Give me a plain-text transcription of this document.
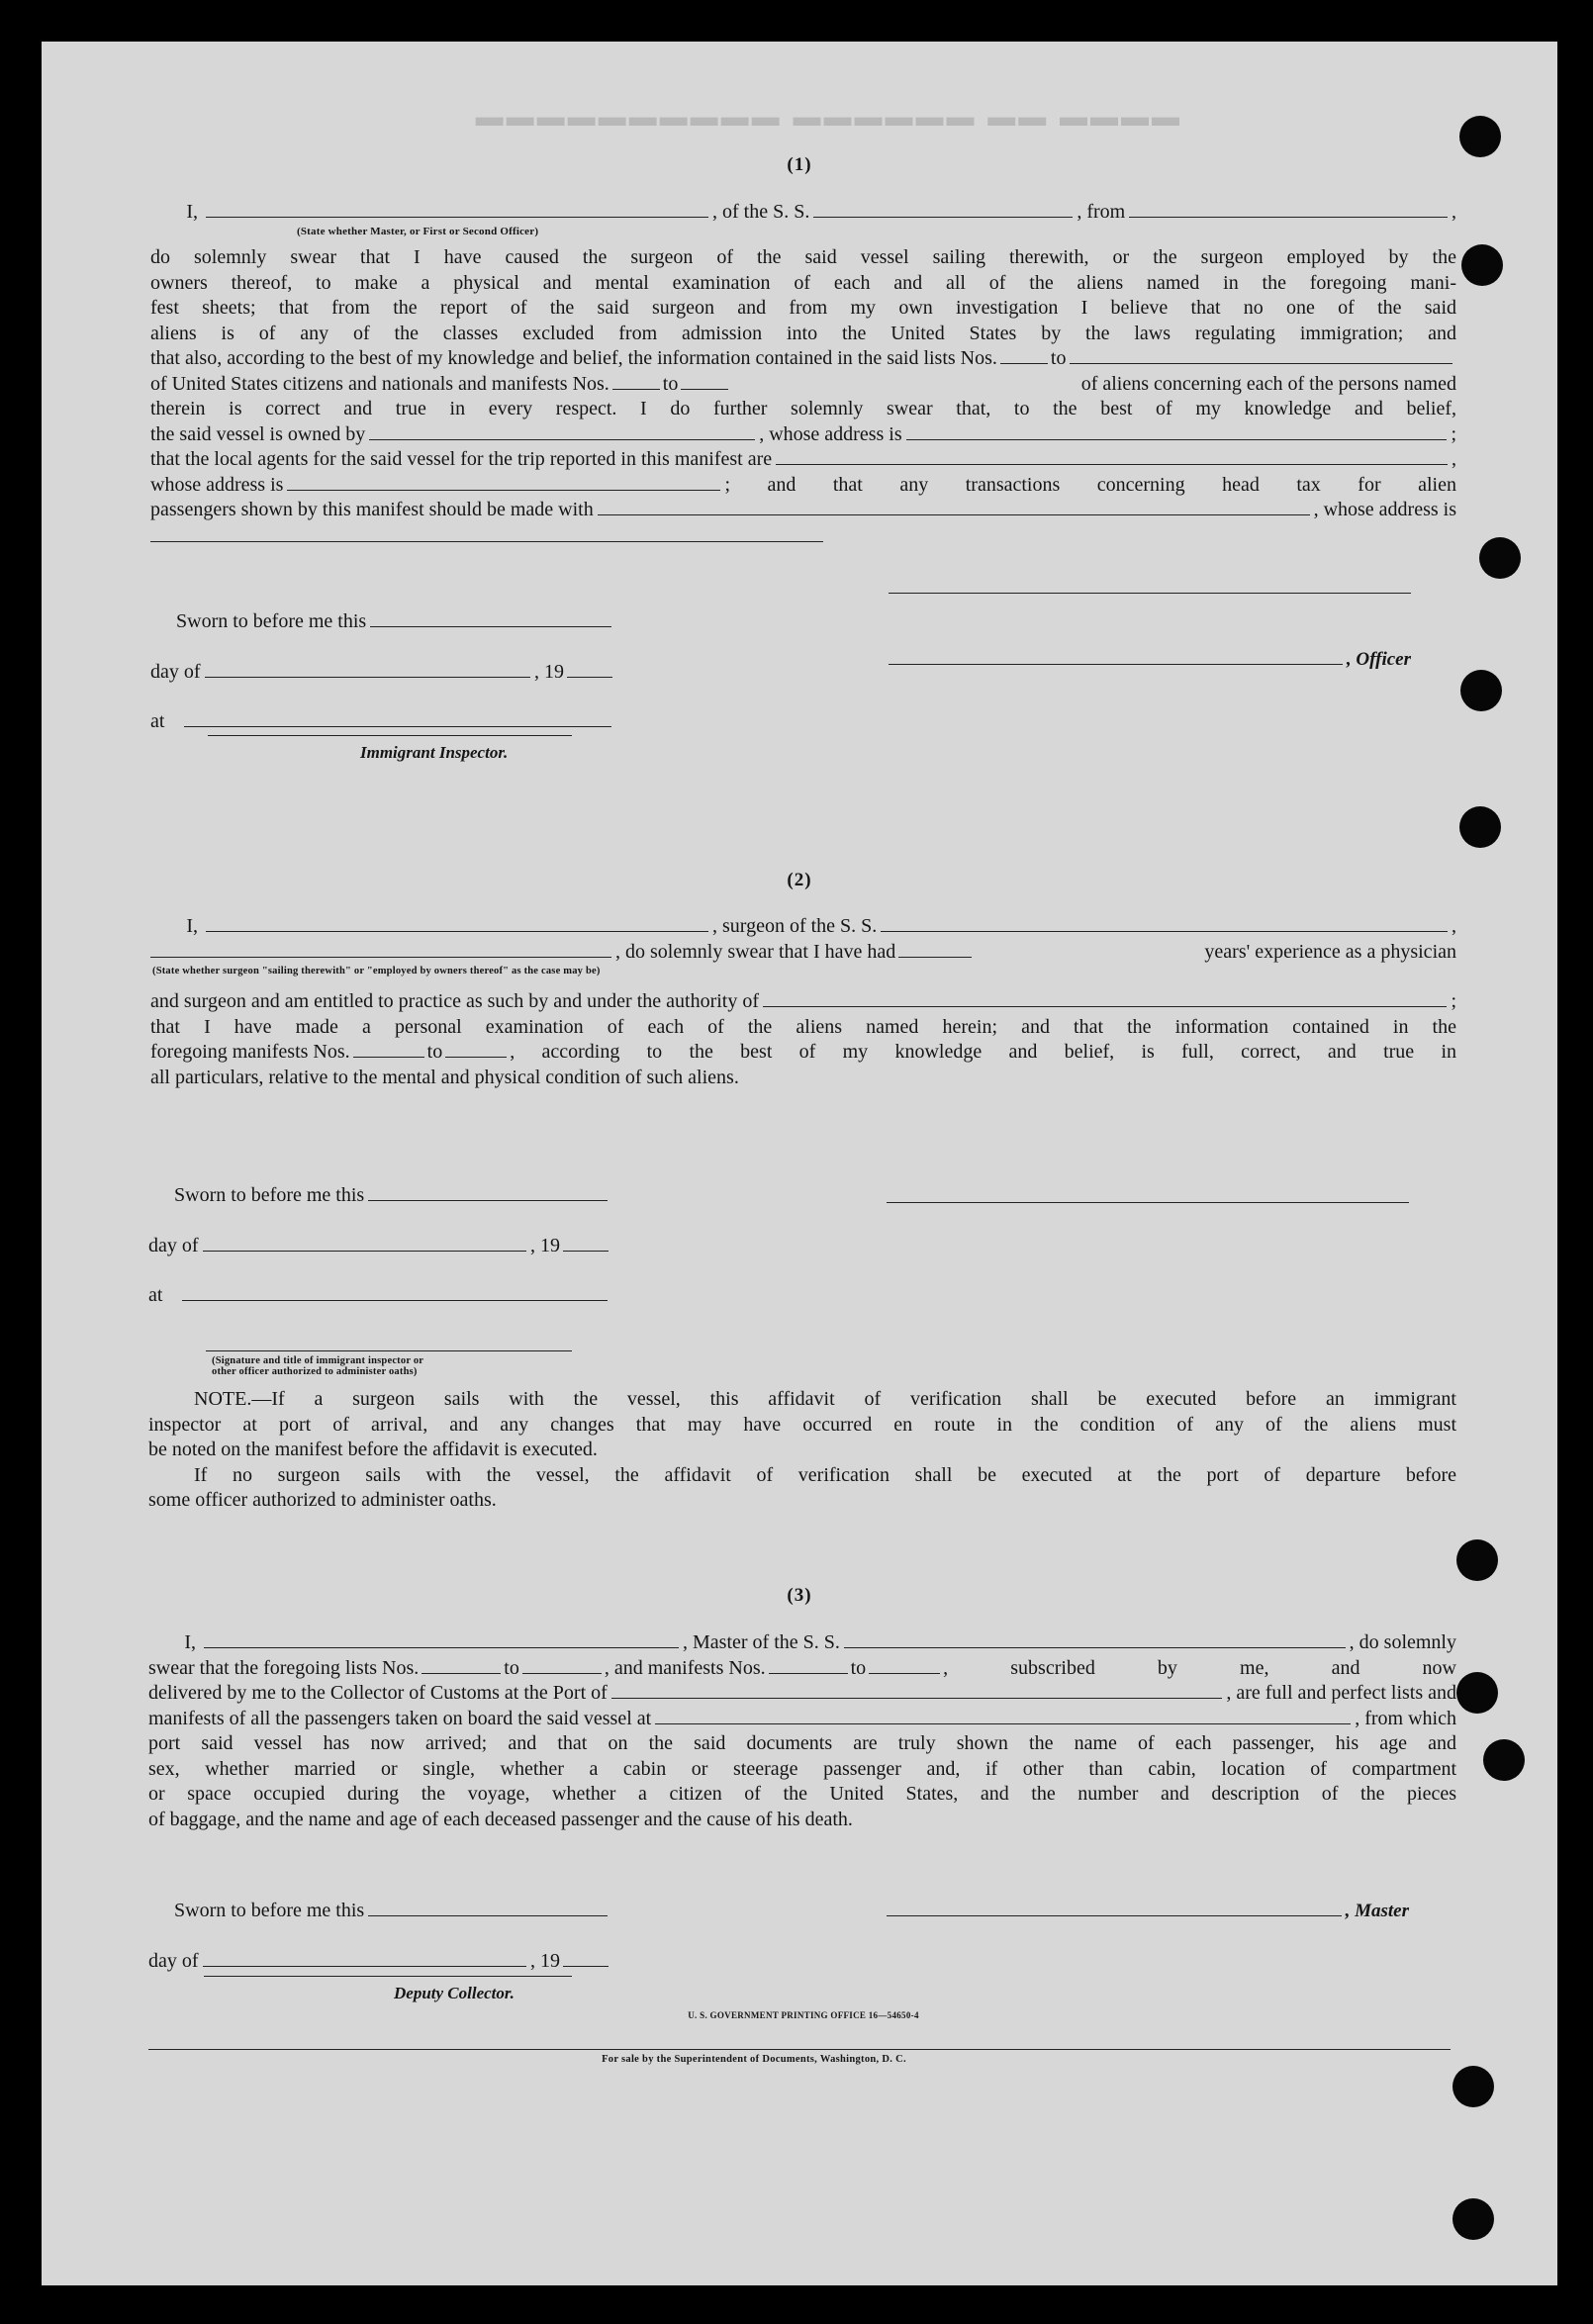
▬▬▬▬ ▬▬ ▬▬▬▬▬▬ ▬▬▬▬▬▬▬▬▬▬
(1)
I,	, of the S. S.	, from	,
(State whether Master, or First or Second Officer)
do solemnly swear that I have caused the surgeon of the said vessel sailing therewith, or the surgeon employed by the
owners thereof, to make a physical and mental examination of each and all of the aliens named in the foregoing mani-
fest sheets; that from the report of the said surgeon and from my own investigation I believe that no one of the said
aliens is of any of the classes excluded from admission into the United States by the laws regulating immigration; and
that also, according to the best of my knowledge and belief, the information contained in the said lists Nos.	to
of United States citizens and nationals and manifests Nos.	to	of aliens concerning each of the persons named
therein is correct and true in every respect. I do further solemnly swear that, to the best of my knowledge and belief,
the said vessel is owned by	, whose address is	;
that the local agents for the said vessel for the trip reported in this manifest are	,
whose address is	; and that any transactions concerning head tax for alien
passengers shown by this manifest should be made with	, whose address is
Sworn to before me this
day of	, 19
at
Immigrant Inspector.
, Officer
(2)
I,	, surgeon of the S. S.	,
, do solemnly swear that I have had	years' experience as a physician
(State whether surgeon "sailing therewith" or "employed by owners thereof" as the case may be)
and surgeon and am entitled to practice as such by and under the authority of	;
that I have made a personal examination of each of the aliens named herein; and that the information contained in the
foregoing manifests Nos.	to	, according to the best of my knowledge and belief, is full, correct, and true in
all particulars, relative to the mental and physical condition of such aliens.
Sworn to before me this
day of	, 19
at
(Signature and title of immigrant inspector or
other officer authorized to administer oaths)
NOTE.—If a surgeon sails with the vessel, this affidavit of verification shall be executed before an immigrant
inspector at port of arrival, and any changes that may have occurred en route in the condition of any of the aliens must
be noted on the manifest before the affidavit is executed.
If no surgeon sails with the vessel, the affidavit of verification shall be executed at the port of departure before
some officer authorized to administer oaths.
(3)
I,	, Master of the S. S.	, do solemnly
swear that the foregoing lists Nos.	to	, and manifests Nos.	to	, subscribed by me, and now
delivered by me to the Collector of Customs at the Port of	, are full and perfect lists and
manifests of all the passengers taken on board the said vessel at	, from which
port said vessel has now arrived; and that on the said documents are truly shown the name of each passenger, his age and
sex, whether married or single, whether a cabin or steerage passenger and, if other than cabin, location of compartment
or space occupied during the voyage, whether a citizen of the United States, and the number and description of the pieces
of baggage, and the name and age of each deceased passenger and the cause of his death.
Sworn to before me this
day of	, 19
, Master
Deputy Collector.
U. S. GOVERNMENT PRINTING OFFICE 16—54650-4
For sale by the Superintendent of Documents, Washington, D. C.
